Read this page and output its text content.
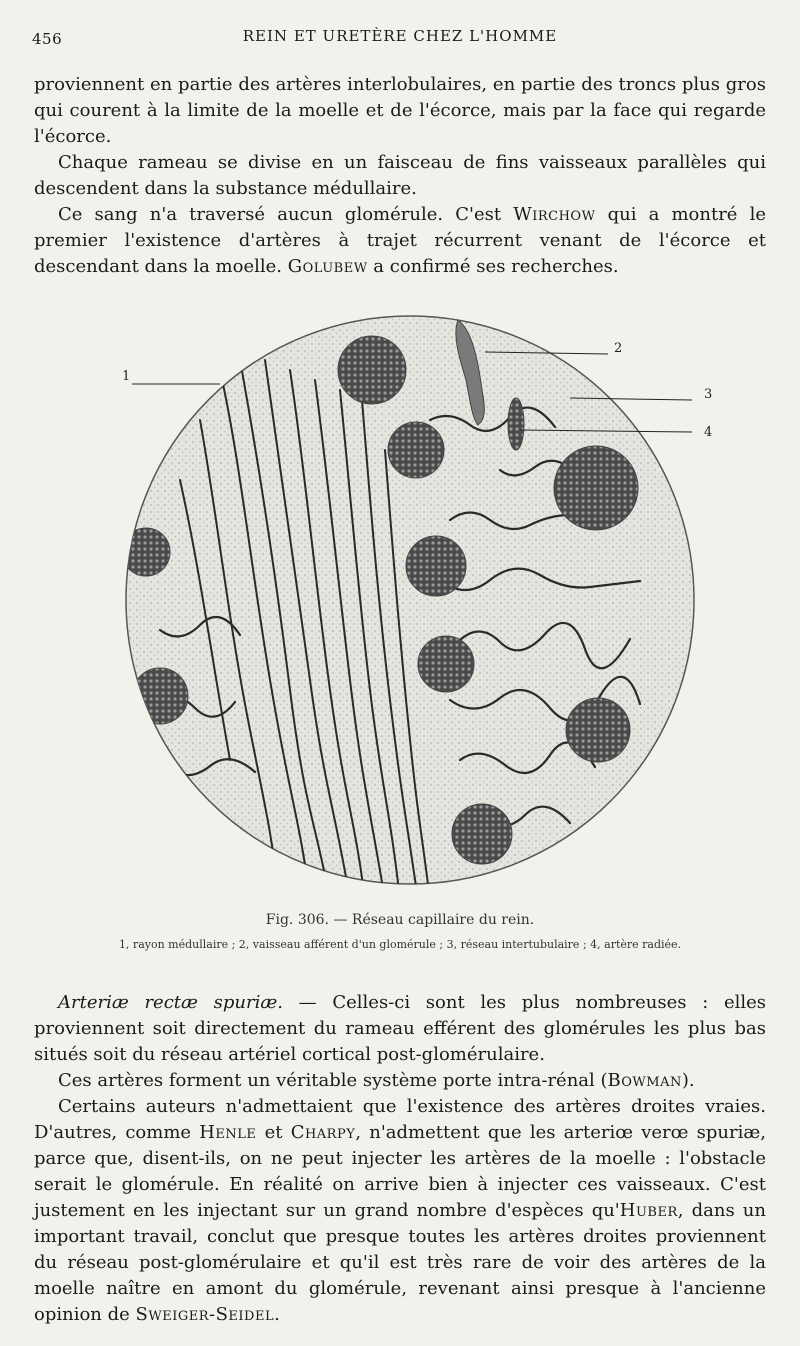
456	REIN ET URETÈRE CHEZ L'HOMME

proviennent en partie des artères interlobulaires, en partie des troncs plus gros qui courent à la limite de la moelle et de l'écorce, mais par la face qui regarde l'écorce.

Chaque rameau se divise en un faisceau de fins vaisseaux parallèles qui descendent dans la substance médullaire.

Ce sang n'a traversé aucun glomérule. C'est Wirchow qui a montré le premier l'existence d'artères à trajet récurrent venant de l'écorce et descendant dans la moelle. Golubew a confirmé ses recherches.

1
2
3
4
Fig. 306. — Réseau capillaire du rein.
1, rayon médullaire ; 2, vaisseau afférent d'un glomérule ; 3, réseau intertubulaire ; 4, artère radiée.

Arteriæ rectæ spuriæ. — Celles-ci sont les plus nombreuses : elles proviennent soit directement du rameau efférent des glomérules les plus bas situés soit du réseau artériel cortical post-glomérulaire.

Ces artères forment un véritable système porte intra-rénal (Bowman).

Certains auteurs n'admettaient que l'existence des artères droites vraies. D'autres, comme Henle et Charpy, n'admettent que les arteriœ verœ spuriæ, parce que, disent-ils, on ne peut injecter les artères de la moelle : l'obstacle serait le glomérule. En réalité on arrive bien à injecter ces vaisseaux. C'est justement en les injectant sur un grand nombre d'espèces qu'Huber, dans un important travail, conclut que presque toutes les artères droites proviennent du réseau post-glomérulaire et qu'il est très rare de voir des artères de la moelle naître en amont du glomérule, revenant ainsi presque à l'ancienne opinion de Sweiger-Seidel.
